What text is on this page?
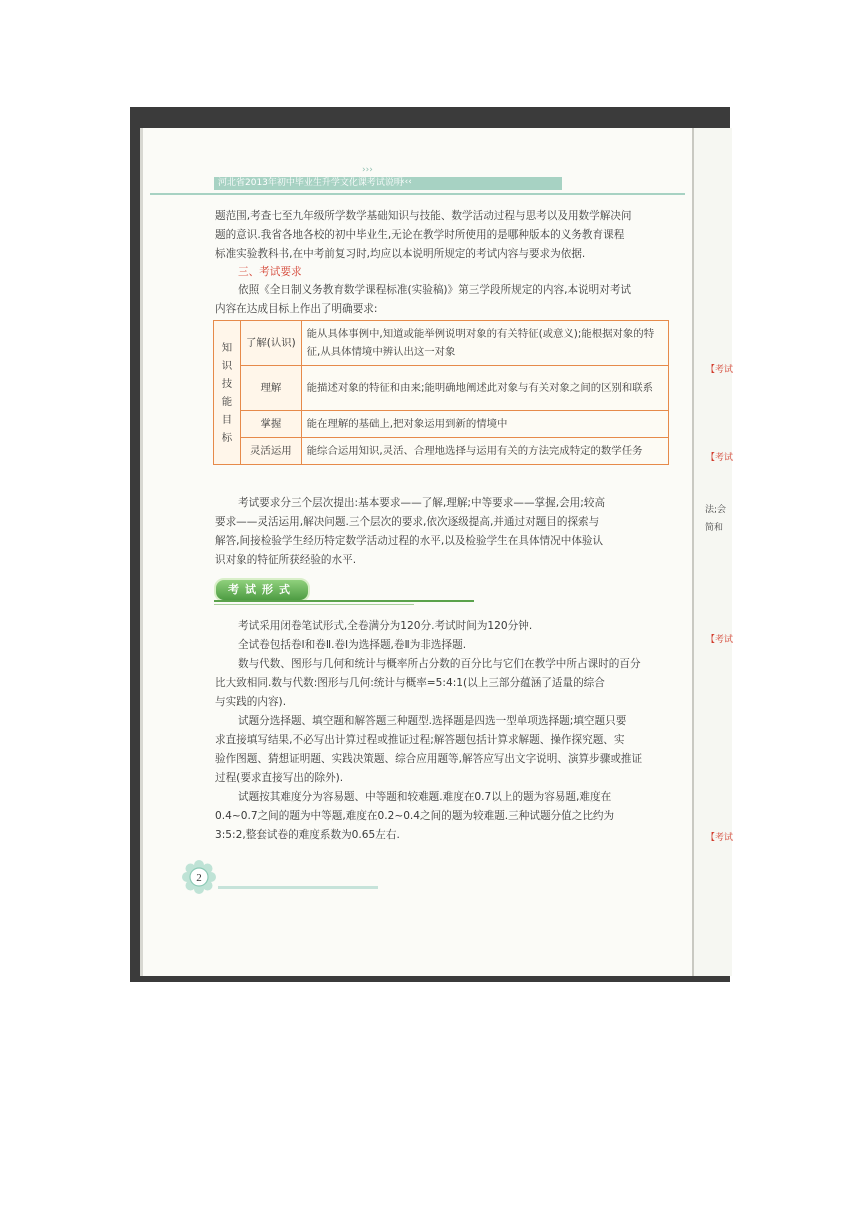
河北省2013年初中毕业生升学文化课考试说明
›››
‹‹‹

题范围,考查七至九年级所学数学基础知识与技能、数学活动过程与思考以及用数学解决问

题的意识.我省各地各校的初中毕业生,无论在教学时所使用的是哪种版本的义务教育课程

标准实验教科书,在中考前复习时,均应以本说明所规定的考试内容与要求为依据.

三、考试要求

依照《全日制义务教育数学课程标准(实验稿)》第三学段所规定的内容,本说明对考试

内容在达成目标上作出了明确要求:

知识技能目标	了解(认识)	能从具体事例中,知道或能举例说明对象的有关特征(或意义);能根据对象的特征,从具体情境中辨认出这一对象
	理解	能描述对象的特征和由来;能明确地阐述此对象与有关对象之间的区别和联系
	掌握	能在理解的基础上,把对象运用到新的情境中
	灵活运用	能综合运用知识,灵活、合理地选择与运用有关的方法完成特定的数学任务

考试要求分三个层次提出:基本要求——了解,理解;中等要求——掌握,会用;较高

要求——灵活运用,解决问题.三个层次的要求,依次逐级提高,并通过对题目的探索与

解答,间接检验学生经历特定数学活动过程的水平,以及检验学生在具体情况中体验认

识对象的特征所获经验的水平.

考试形式

考试采用闭卷笔试形式,全卷满分为120分.考试时间为120分钟.

全试卷包括卷Ⅰ和卷Ⅱ.卷Ⅰ为选择题,卷Ⅱ为非选择题.

数与代数、图形与几何和统计与概率所占分数的百分比与它们在教学中所占课时的百分

比大致相同.数与代数:图形与几何:统计与概率=5:4:1(以上三部分蕴涵了适量的综合

与实践的内容).

试题分选择题、填空题和解答题三种题型.选择题是四选一型单项选择题;填空题只要

求直接填写结果,不必写出计算过程或推证过程;解答题包括计算求解题、操作探究题、实

验作图题、猜想证明题、实践决策题、综合应用题等,解答应写出文字说明、演算步骤或推证

过程(要求直接写出的除外).

试题按其难度分为容易题、中等题和较难题.难度在0.7以上的题为容易题,难度在

0.4~0.7之间的题为中等题,难度在0.2~0.4之间的题为较难题.三种试题分值之比约为

3:5:2,整套试卷的难度系数为0.65左右.

2
【考试
【考试
法;会
简和
【考试
【考试
